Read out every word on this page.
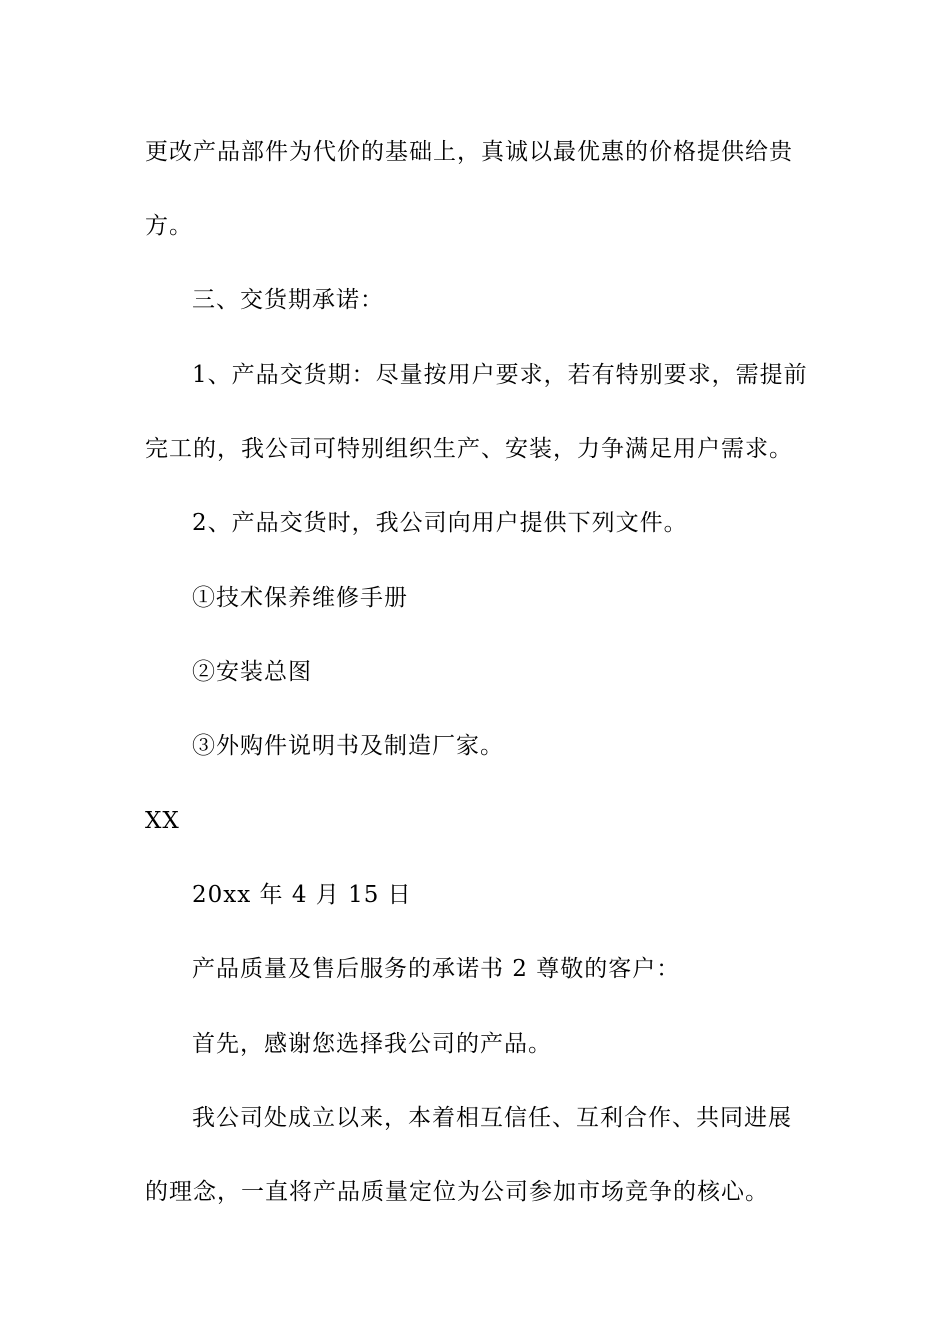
更改产品部件为代价的基础上，真诚以最优惠的价格提供给贵
方。
三、交货期承诺：
1、产品交货期：尽量按用户要求，若有特别要求，需提前
完工的，我公司可特别组织生产、安装，力争满足用户需求。
2、产品交货时，我公司向用户提供下列文件。
①技术保养维修手册
②安装总图
③外购件说明书及制造厂家。
XX
20xx 年 4 月 15 日
产品质量及售后服务的承诺书 2 尊敬的客户：
首先，感谢您选择我公司的产品。
我公司处成立以来，本着相互信任、互利合作、共同进展
的理念，一直将产品质量定位为公司参加市场竞争的核心。
